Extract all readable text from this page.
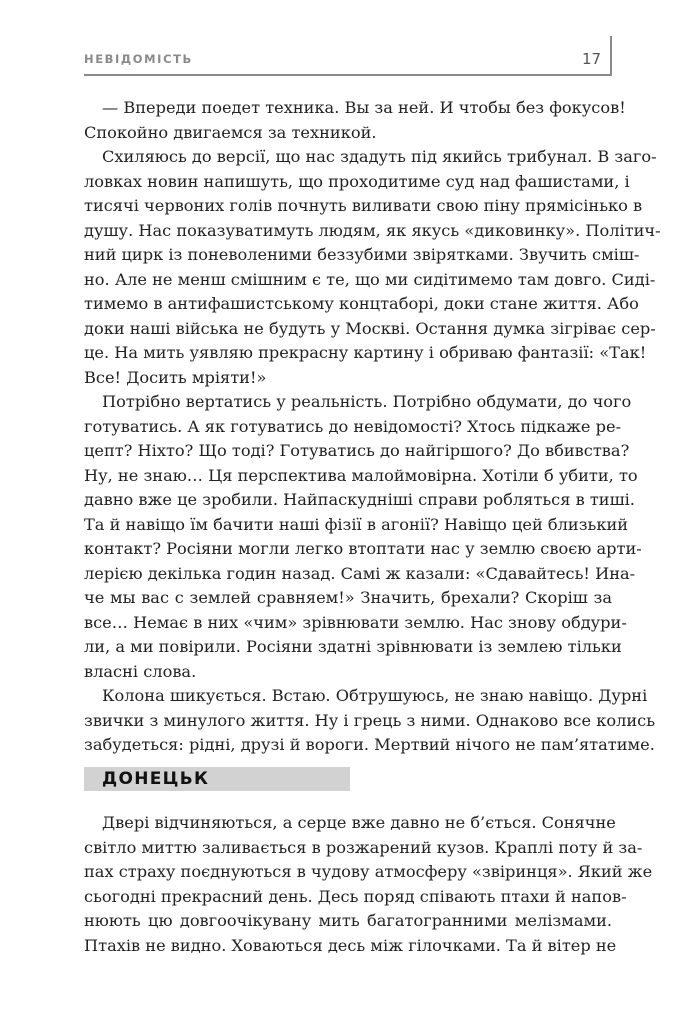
НЕВІДОМІСТЬ	17
— Впереди поедет техника. Вы за ней. И чтобы без фокусов!
Спокойно двигаемся за техникой.
Схиляюсь до версії, що нас здадуть під якийсь трибунал. В заго-
ловках новин напишуть, що проходитиме суд над фашистами, і
тисячі червоних голів почнуть виливати свою піну прямісінько в
душу. Нас показуватимуть людям, як якусь «диковинку». Політич-
ний цирк із поневоленими беззубими звірятками. Звучить сміш-
но. Але не менш смішним є те, що ми сидітимемо там довго. Сиді-
тимемо в антифашистському концтаборі, доки стане життя. Або
доки наші війська не будуть у Москві. Остання думка зігріває сер-
це. На мить уявляю прекрасну картину і обриваю фантазії: «Так!
Все! Досить мріяти!»
Потрібно вертатись у реальність. Потрібно обдумати, до чого
готуватись. А як готуватись до невідомості? Хтось підкаже ре-
цепт? Ніхто? Що тоді? Готуватись до найгіршого? До вбивства?
Ну, не знаю… Ця перспектива малоймовірна. Хотіли б убити, то
давно вже це зробили. Найпаскудніші справи робляться в тиші.
Та й навіщо їм бачити наші фізії в агонії? Навіщо цей близький
контакт? Росіяни могли легко втоптати нас у землю своєю арти-
лерією декілька годин назад. Самі ж казали: «Сдавайтесь! Ина-
че мы вас с землей сравняем!» Значить, брехали? Скоріш за
все… Немає в них «чим» зрівнювати землю. Нас знову обдури-
ли, а ми повірили. Росіяни здатні зрівнювати із землею тільки
власні слова.
Колона шикується. Встаю. Обтрушуюсь, не знаю навіщо. Дурні
звички з минулого життя. Ну і грець з ними. Однаково все колись
забудеться: рідні, друзі й вороги. Мертвий нічого не пам’ятатиме.
ДОНЕЦЬК
Двері відчиняються, а серце вже давно не б’ється. Сонячне
світло миттю заливається в розжарений кузов. Краплі поту й за-
пах страху поєднуються в чудову атмосферу «звіринця». Який же
сьогодні прекрасний день. Десь поряд співають птахи й напов-
нюють цю довгоочікувану мить багатогранними мелізмами.
Птахів не видно. Ховаються десь між гілочками. Та й вітер не
